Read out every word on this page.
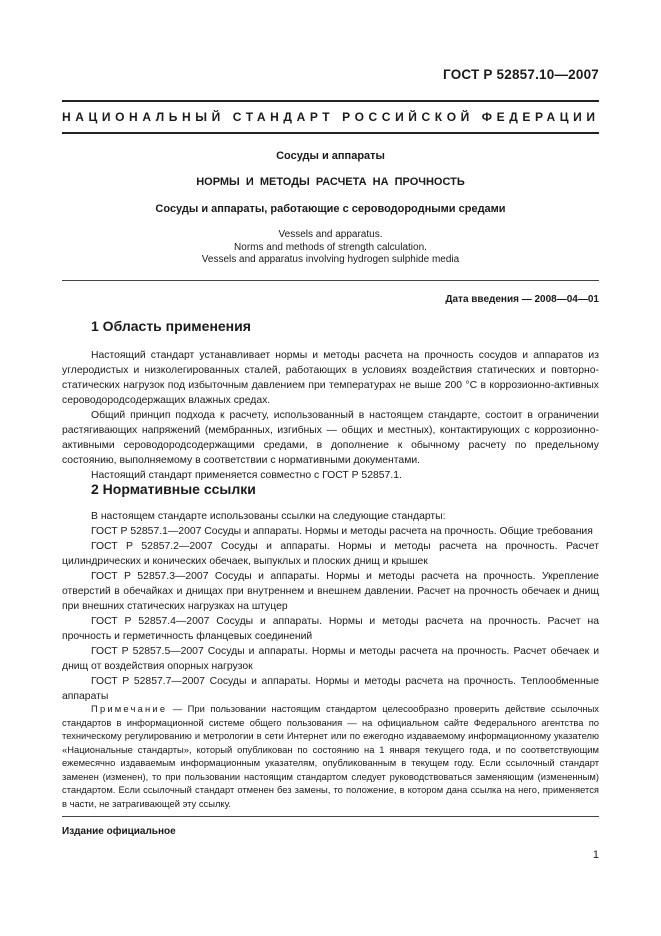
ГОСТ Р 52857.10—2007
НАЦИОНАЛЬНЫЙ СТАНДАРТ РОССИЙСКОЙ ФЕДЕРАЦИИ
Сосуды и аппараты
НОРМЫ И МЕТОДЫ РАСЧЕТА НА ПРОЧНОСТЬ
Сосуды и аппараты, работающие с сероводородными средами
Vessels and apparatus.
Norms and methods of strength calculation.
Vessels and apparatus involving hydrogen sulphide media
Дата введения — 2008—04—01
1 Область применения

Настоящий стандарт устанавливает нормы и методы расчета на прочность сосудов и аппаратов из углеродистых и низколегированных сталей, работающих в условиях воздействия статических и повторно-статических нагрузок под избыточным давлением при температурах не выше 200 °С в коррозионно-активных сероводородсодержащих влажных средах.

Общий принцип подхода к расчету, использованный в настоящем стандарте, состоит в ограничении растягивающих напряжений (мембранных, изгибных — общих и местных), контактирующих с коррозионно-активными сероводородсодержащими средами, в дополнение к обычному расчету по предельному состоянию, выполняемому в соответствии с нормативными документами.

Настоящий стандарт применяется совместно с ГОСТ Р 52857.1.

2 Нормативные ссылки

В настоящем стандарте использованы ссылки на следующие стандарты:

ГОСТ Р 52857.1—2007 Сосуды и аппараты. Нормы и методы расчета на прочность. Общие требования

ГОСТ Р 52857.2—2007 Сосуды и аппараты. Нормы и методы расчета на прочность. Расчет цилиндрических и конических обечаек, выпуклых и плоских днищ и крышек

ГОСТ Р 52857.3—2007 Сосуды и аппараты. Нормы и методы расчета на прочность. Укрепление отверстий в обечайках и днищах при внутреннем и внешнем давлении. Расчет на прочность обечаек и днищ при внешних статических нагрузках на штуцер

ГОСТ Р 52857.4—2007 Сосуды и аппараты. Нормы и методы расчета на прочность. Расчет на прочность и герметичность фланцевых соединений

ГОСТ Р 52857.5—2007 Сосуды и аппараты. Нормы и методы расчета на прочность. Расчет обечаек и днищ от воздействия опорных нагрузок

ГОСТ Р 52857.7—2007 Сосуды и аппараты. Нормы и методы расчета на прочность. Теплообменные аппараты

Примечание — При пользовании настоящим стандартом целесообразно проверить действие ссылочных стандартов в информационной системе общего пользования — на официальном сайте Федерального агентства по техническому регулированию и метрологии в сети Интернет или по ежегодно издаваемому информационному указателю «Национальные стандарты», который опубликован по состоянию на 1 января текущего года, и по соответствующим ежемесячно издаваемым информационным указателям, опубликованным в текущем году. Если ссылочный стандарт заменен (изменен), то при пользовании настоящим стандартом следует руководствоваться заменяющим (измененным) стандартом. Если ссылочный стандарт отменен без замены, то положение, в котором дана ссылка на него, применяется в части, не затрагивающей эту ссылку.

Издание официальное
1
